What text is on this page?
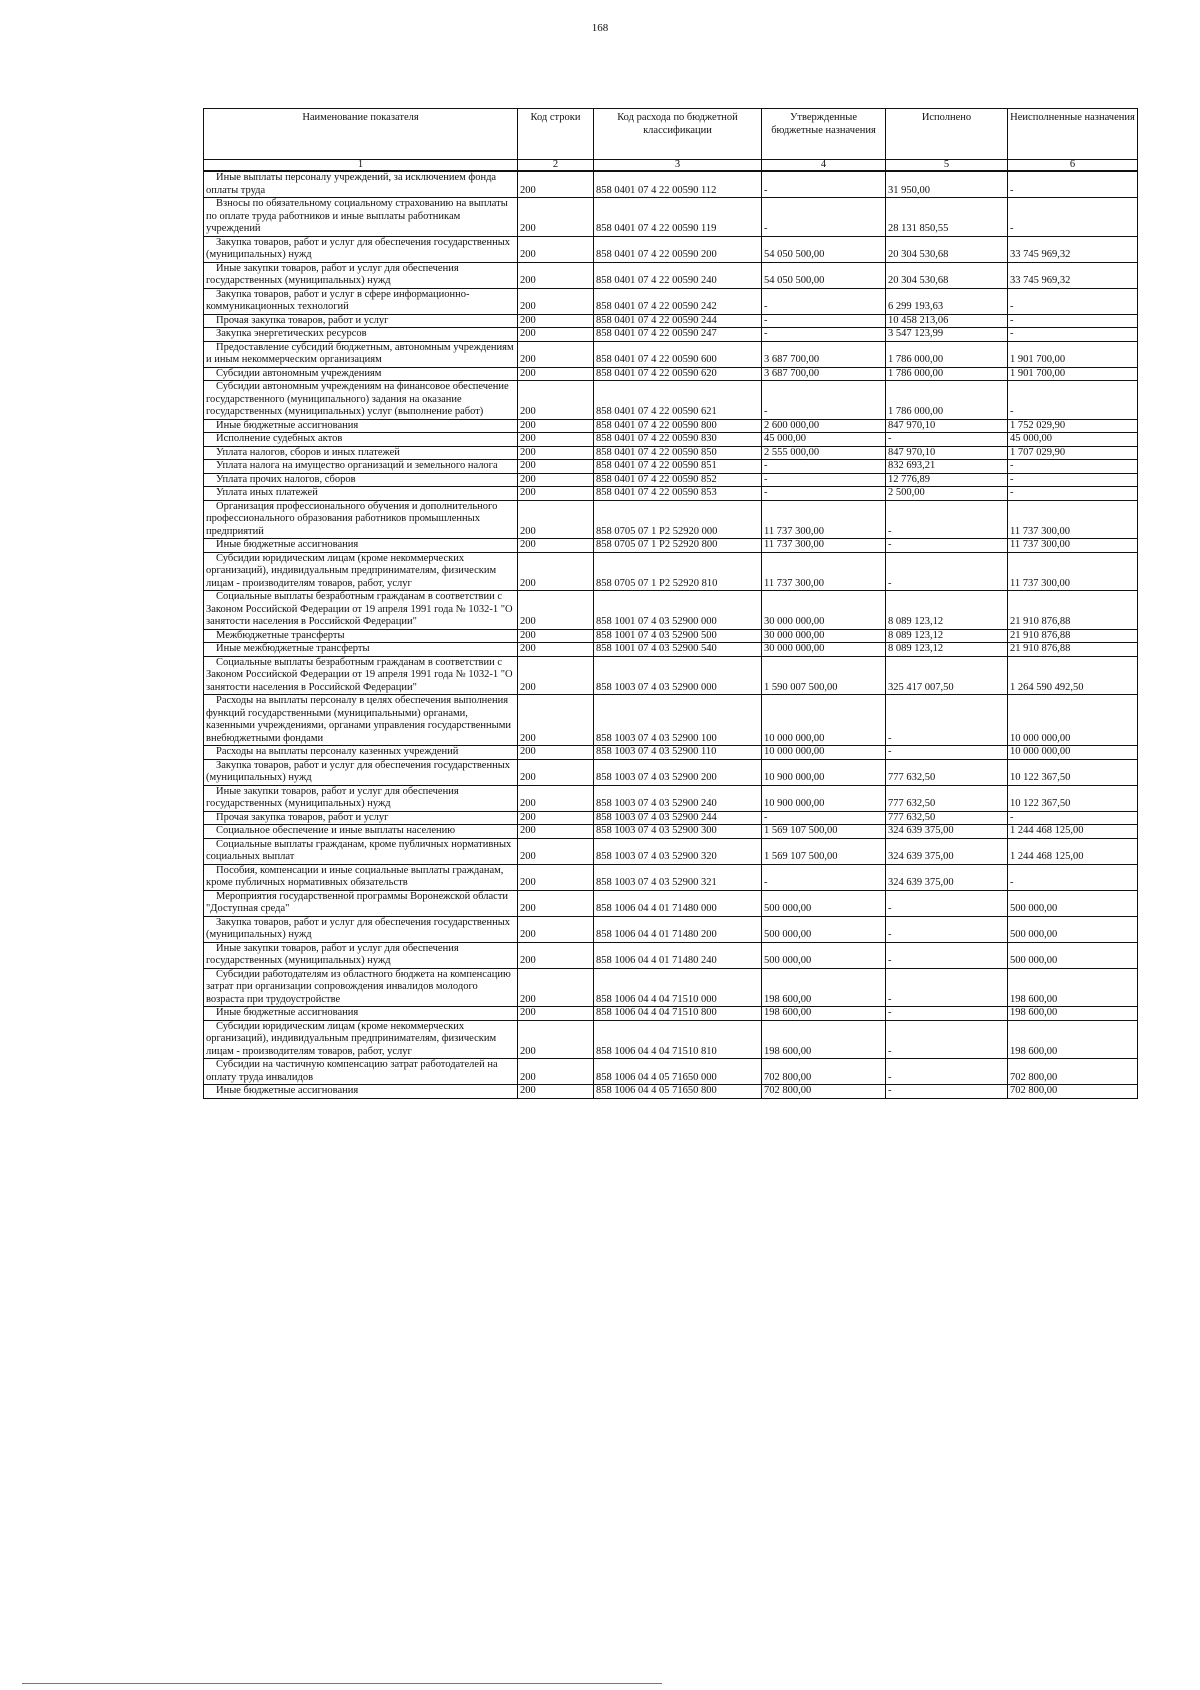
168
Наименование показателя	Код строки	Код расхода по бюджетной классификации	Утвержденные бюджетные назначения	Исполнено	Неисполненные назначения
1	2	3	4	5	6

Иные выплаты персоналу учреждений, за исключением фонда оплаты труда	200	858 0401 07 4 22 00590 112	-	31 950,00	-

Взносы по обязательному социальному страхованию на выплаты по оплате труда работников и иные выплаты работникам учреждений	200	858 0401 07 4 22 00590 119	-	28 131 850,55	-

Закупка товаров, работ и услуг для обеспечения государственных (муниципальных) нужд	200	858 0401 07 4 22 00590 200	54 050 500,00	20 304 530,68	33 745 969,32

Иные закупки товаров, работ и услуг для обеспечения государственных (муниципальных) нужд	200	858 0401 07 4 22 00590 240	54 050 500,00	20 304 530,68	33 745 969,32

Закупка товаров, работ и услуг в сфере информационно-коммуникационных технологий	200	858 0401 07 4 22 00590 242	-	6 299 193,63	-

Прочая закупка товаров, работ и услуг	200	858 0401 07 4 22 00590 244	-	10 458 213,06	-

Закупка энергетических ресурсов	200	858 0401 07 4 22 00590 247	-	3 547 123,99	-

Предоставление субсидий бюджетным, автономным учреждениям и иным некоммерческим организациям	200	858 0401 07 4 22 00590 600	3 687 700,00	1 786 000,00	1 901 700,00

Субсидии автономным учреждениям	200	858 0401 07 4 22 00590 620	3 687 700,00	1 786 000,00	1 901 700,00

Субсидии автономным учреждениям на финансовое обеспечение государственного (муниципального) задания на оказание государственных (муниципальных) услуг (выполнение работ)	200	858 0401 07 4 22 00590 621	-	1 786 000,00	-

Иные бюджетные ассигнования	200	858 0401 07 4 22 00590 800	2 600 000,00	847 970,10	1 752 029,90

Исполнение судебных актов	200	858 0401 07 4 22 00590 830	45 000,00	-	45 000,00

Уплата налогов, сборов и иных платежей	200	858 0401 07 4 22 00590 850	2 555 000,00	847 970,10	1 707 029,90

Уплата налога на имущество организаций и земельного налога	200	858 0401 07 4 22 00590 851	-	832 693,21	-

Уплата прочих налогов, сборов	200	858 0401 07 4 22 00590 852	-	12 776,89	-

Уплата иных платежей	200	858 0401 07 4 22 00590 853	-	2 500,00	-

Организация профессионального обучения и дополнительного профессионального образования работников промышленных предприятий	200	858 0705 07 1 P2 52920 000	11 737 300,00	-	11 737 300,00

Иные бюджетные ассигнования	200	858 0705 07 1 P2 52920 800	11 737 300,00	-	11 737 300,00

Субсидии юридическим лицам (кроме некоммерческих организаций), индивидуальным предпринимателям, физическим лицам - производителям товаров, работ, услуг	200	858 0705 07 1 P2 52920 810	11 737 300,00	-	11 737 300,00

Социальные выплаты безработным гражданам в соответствии с Законом Российской Федерации от 19 апреля 1991 года № 1032-1 "О занятости населения в Российской Федерации"	200	858 1001 07 4 03 52900 000	30 000 000,00	8 089 123,12	21 910 876,88

Межбюджетные трансферты	200	858 1001 07 4 03 52900 500	30 000 000,00	8 089 123,12	21 910 876,88

Иные межбюджетные трансферты	200	858 1001 07 4 03 52900 540	30 000 000,00	8 089 123,12	21 910 876,88

Социальные выплаты безработным гражданам в соответствии с Законом Российской Федерации от 19 апреля 1991 года № 1032-1 "О занятости населения в Российской Федерации"	200	858 1003 07 4 03 52900 000	1 590 007 500,00	325 417 007,50	1 264 590 492,50

Расходы на выплаты персоналу в целях обеспечения выполнения функций государственными (муниципальными) органами, казенными учреждениями, органами управления государственными внебюджетными фондами	200	858 1003 07 4 03 52900 100	10 000 000,00	-	10 000 000,00

Расходы на выплаты персоналу казенных учреждений	200	858 1003 07 4 03 52900 110	10 000 000,00	-	10 000 000,00

Закупка товаров, работ и услуг для обеспечения государственных (муниципальных) нужд	200	858 1003 07 4 03 52900 200	10 900 000,00	777 632,50	10 122 367,50

Иные закупки товаров, работ и услуг для обеспечения государственных (муниципальных) нужд	200	858 1003 07 4 03 52900 240	10 900 000,00	777 632,50	10 122 367,50

Прочая закупка товаров, работ и услуг	200	858 1003 07 4 03 52900 244	-	777 632,50	-

Социальное обеспечение и иные выплаты населению	200	858 1003 07 4 03 52900 300	1 569 107 500,00	324 639 375,00	1 244 468 125,00

Социальные выплаты гражданам, кроме публичных нормативных социальных выплат	200	858 1003 07 4 03 52900 320	1 569 107 500,00	324 639 375,00	1 244 468 125,00

Пособия, компенсации и иные социальные выплаты гражданам, кроме публичных нормативных обязательств	200	858 1003 07 4 03 52900 321	-	324 639 375,00	-

Мероприятия государственной программы Воронежской области "Доступная среда"	200	858 1006 04 4 01 71480 000	500 000,00	-	500 000,00

Закупка товаров, работ и услуг для обеспечения государственных (муниципальных) нужд	200	858 1006 04 4 01 71480 200	500 000,00	-	500 000,00

Иные закупки товаров, работ и услуг для обеспечения государственных (муниципальных) нужд	200	858 1006 04 4 01 71480 240	500 000,00	-	500 000,00

Субсидии работодателям из областного бюджета на компенсацию затрат при организации сопровождения инвалидов молодого возраста при трудоустройстве	200	858 1006 04 4 04 71510 000	198 600,00	-	198 600,00

Иные бюджетные ассигнования	200	858 1006 04 4 04 71510 800	198 600,00	-	198 600,00

Субсидии юридическим лицам (кроме некоммерческих организаций), индивидуальным предпринимателям, физическим лицам - производителям товаров, работ, услуг	200	858 1006 04 4 04 71510 810	198 600,00	-	198 600,00

Субсидии на частичную компенсацию затрат работодателей на оплату труда инвалидов	200	858 1006 04 4 05 71650 000	702 800,00	-	702 800,00

Иные бюджетные ассигнования	200	858 1006 04 4 05 71650 800	702 800,00	-	702 800,00
